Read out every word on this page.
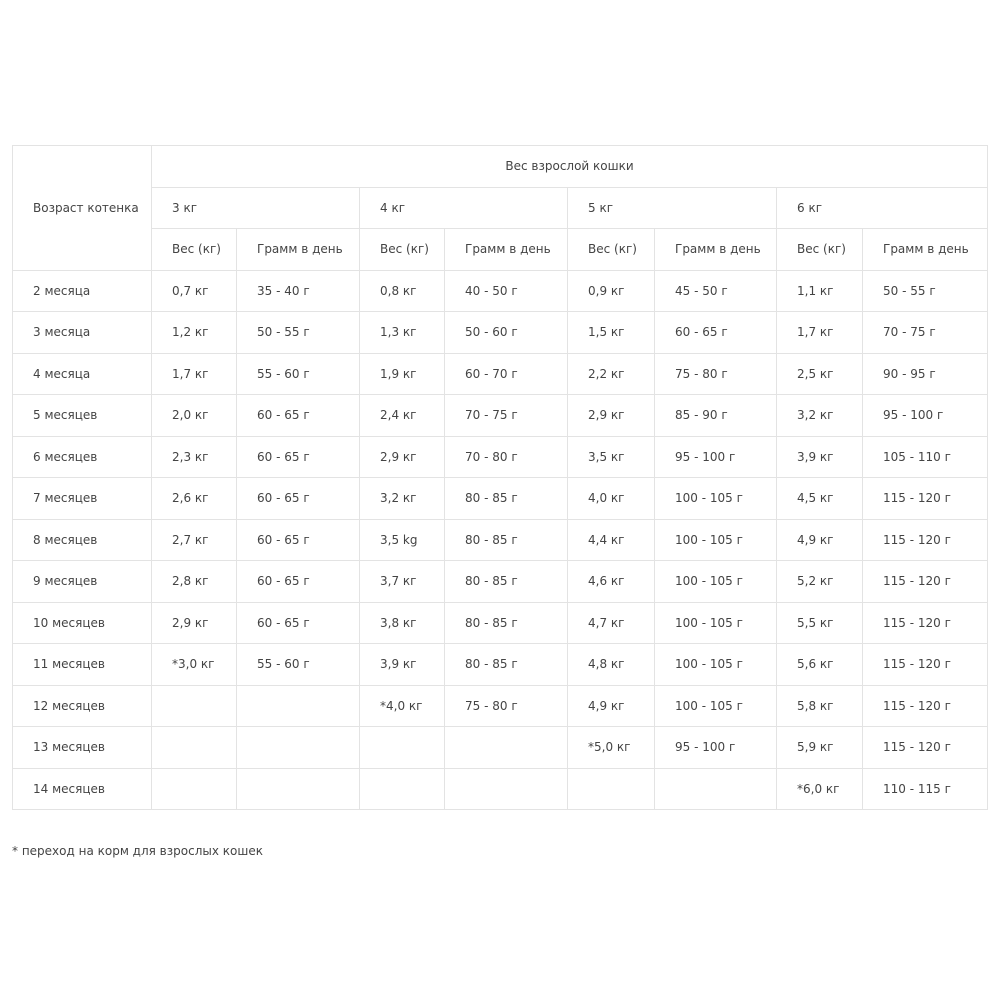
Возраст котенка	Вес взрослой кошки							
	3 кг		4 кг		5 кг		6 кг	
	Вес (кг)	Грамм в день	Вес (кг)	Грамм в день	Вес (кг)	Грамм в день	Вес (кг)	Грамм в день
2 месяца	0,7 кг	35 - 40 г	0,8 кг	40 - 50 г	0,9 кг	45 - 50 г	1,1 кг	50 - 55 г
3 месяца	1,2 кг	50 - 55 г	1,3 кг	50 - 60 г	1,5 кг	60 - 65 г	1,7 кг	70 - 75 г
4 месяца	1,7 кг	55 - 60 г	1,9 кг	60 - 70 г	2,2 кг	75 - 80 г	2,5 кг	90 - 95 г
5 месяцев	2,0 кг	60 - 65 г	2,4 кг	70 - 75 г	2,9 кг	85 - 90 г	3,2 кг	95 - 100 г
6 месяцев	2,3 кг	60 - 65 г	2,9 кг	70 - 80 г	3,5 кг	95 - 100 г	3,9 кг	105 - 110 г
7 месяцев	2,6 кг	60 - 65 г	3,2 кг	80 - 85 г	4,0 кг	100 - 105 г	4,5 кг	115 - 120 г
8 месяцев	2,7 кг	60 - 65 г	3,5 kg	80 - 85 г	4,4 кг	100 - 105 г	4,9 кг	115 - 120 г
9 месяцев	2,8 кг	60 - 65 г	3,7 кг	80 - 85 г	4,6 кг	100 - 105 г	5,2 кг	115 - 120 г
10 месяцев	2,9 кг	60 - 65 г	3,8 кг	80 - 85 г	4,7 кг	100 - 105 г	5,5 кг	115 - 120 г
11 месяцев	*3,0 кг	55 - 60 г	3,9 кг	80 - 85 г	4,8 кг	100 - 105 г	5,6 кг	115 - 120 г
12 месяцев			*4,0 кг	75 - 80 г	4,9 кг	100 - 105 г	5,8 кг	115 - 120 г
13 месяцев					*5,0 кг	95 - 100 г	5,9 кг	115 - 120 г
14 месяцев							*6,0 кг	110 - 115 г
* переход на корм для взрослых кошек
